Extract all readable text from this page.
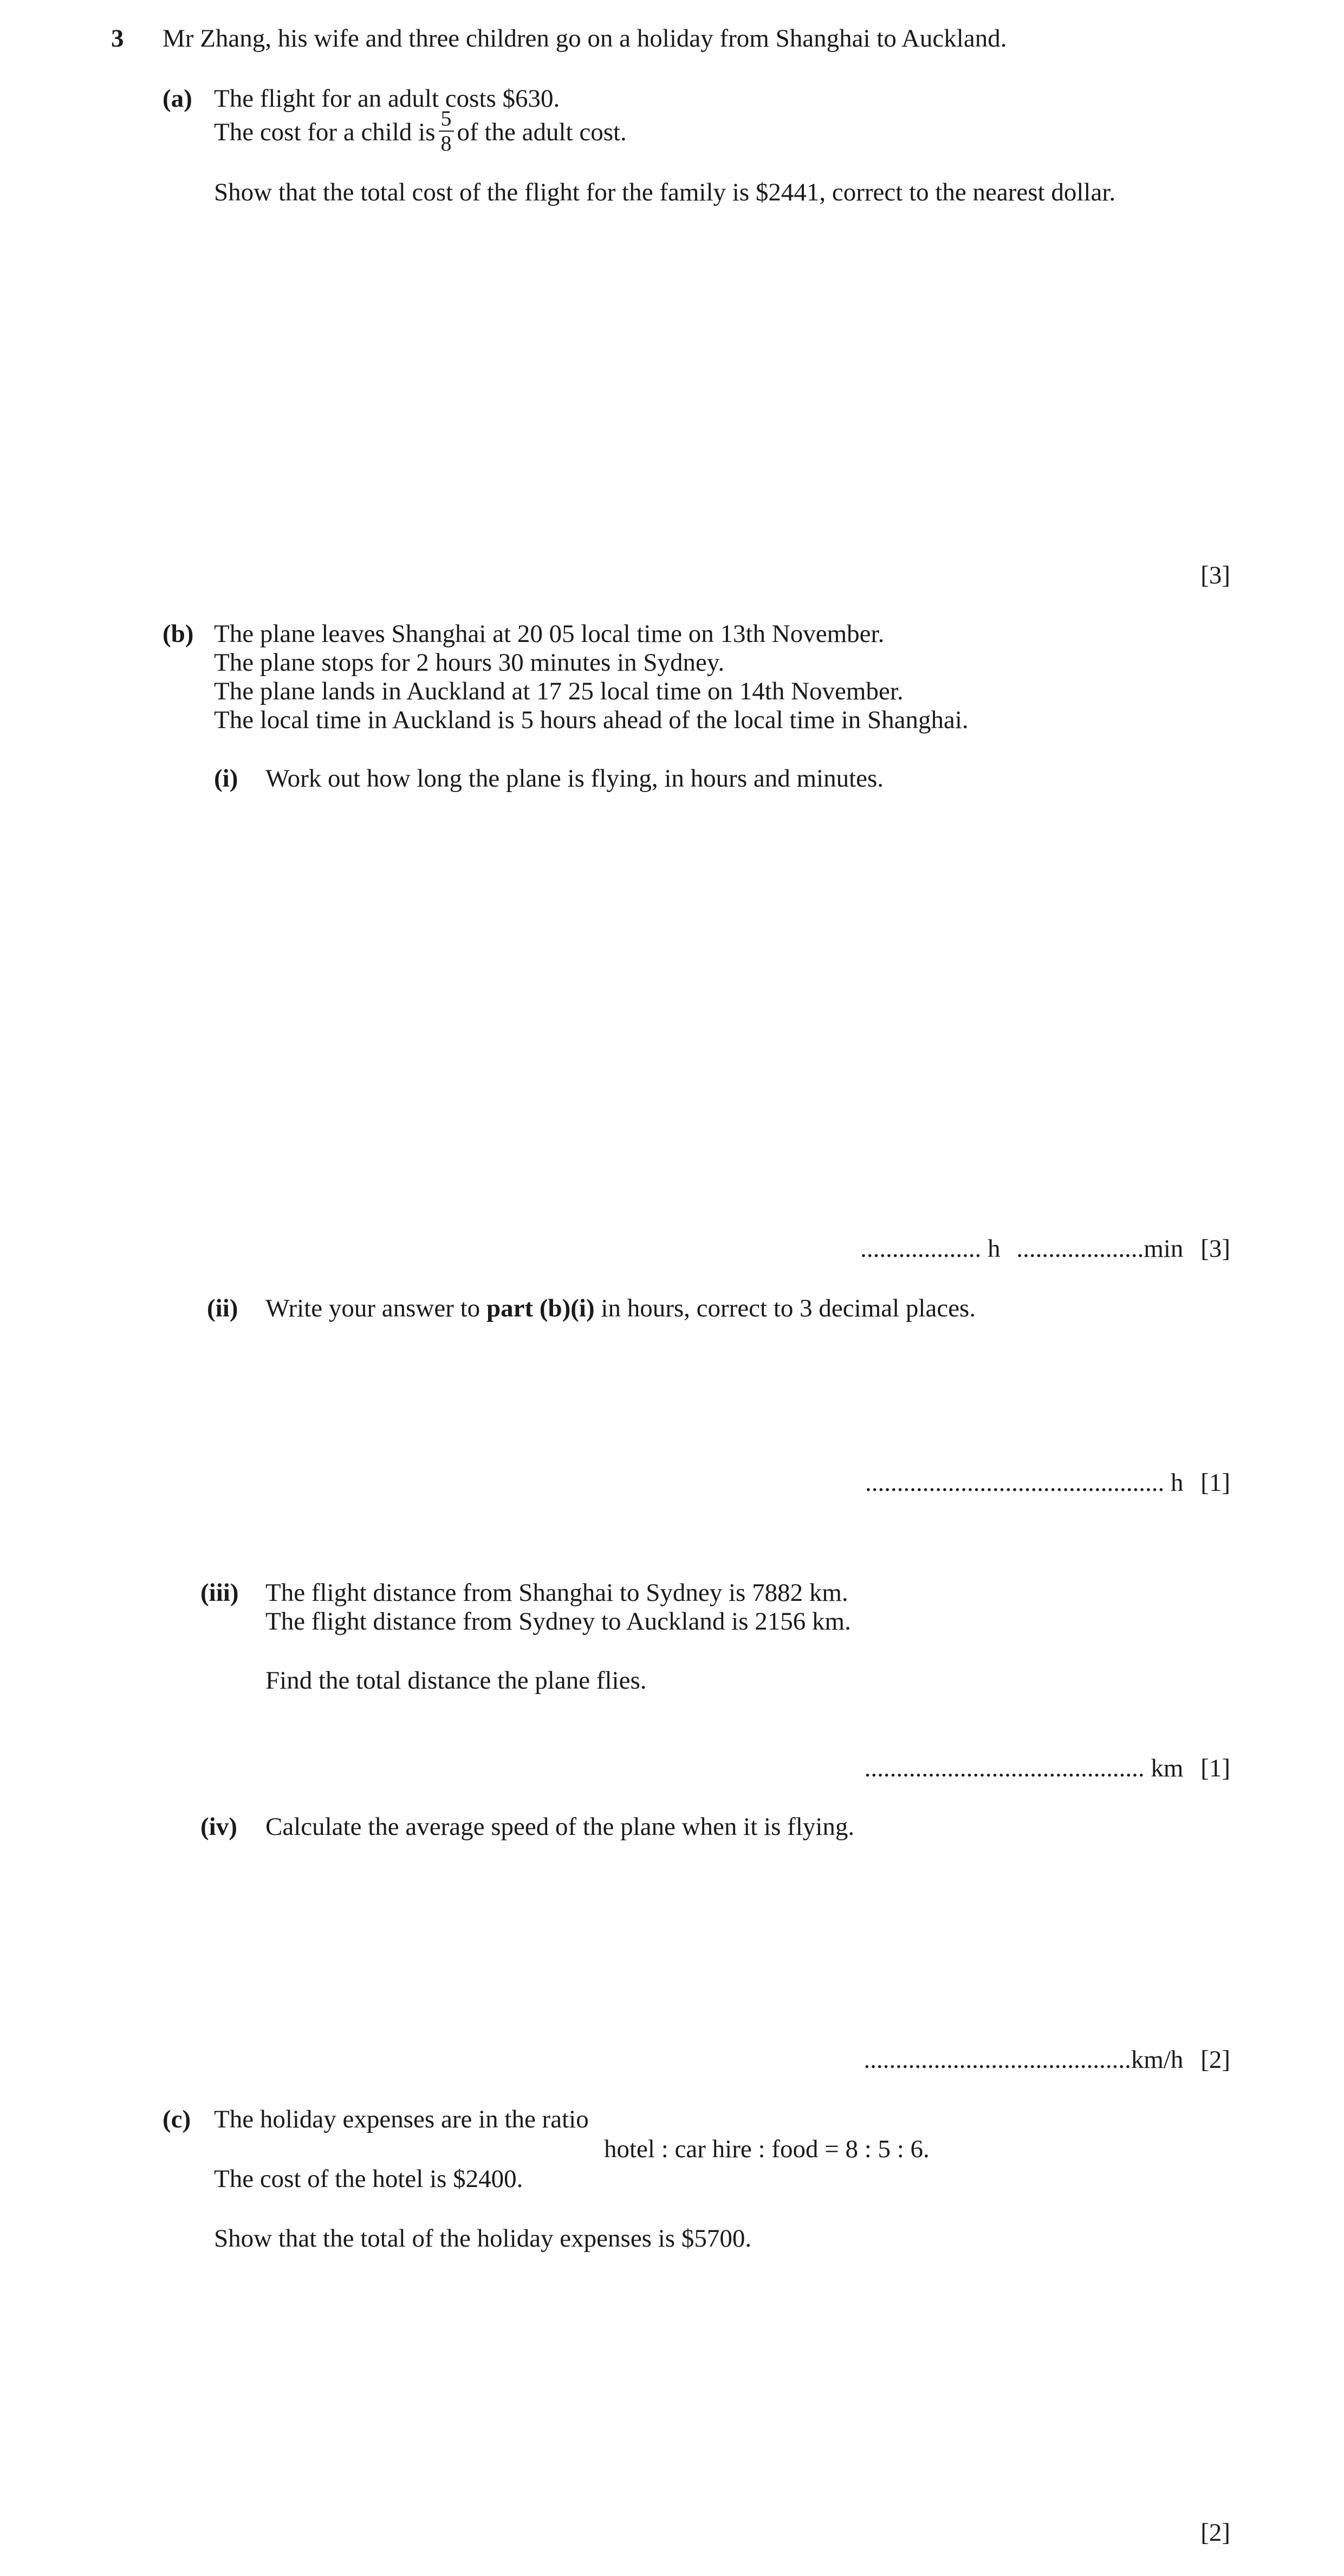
3 Mr Zhang, his wife and three children go on a holiday from Shanghai to Auckland.
(a) The flight for an adult costs $630.
The cost for a child is $\frac{5}{8}$ of the adult cost.
Show that the total cost of the flight for the family is $2441, correct to the nearest dollar.
[3]
(b) The plane leaves Shanghai at 20 05 local time on 13th November.
The plane stops for 2 hours 30 minutes in Sydney.
The plane lands in Auckland at 17 25 local time on 14th November.
The local time in Auckland is 5 hours ahead of the local time in Shanghai.
(i) Work out how long the plane is flying, in hours and minutes.
................... h ....................min [3]
(ii) Write your answer to part (b)(i) in hours, correct to 3 decimal places.
............................................... h [1]
(iii) The flight distance from Shanghai to Sydney is 7882 km.
The flight distance from Sydney to Auckland is 2156 km.
Find the total distance the plane flies.
............................................ km [1]
(iv) Calculate the average speed of the plane when it is flying.
..........................................km/h [2]
(c) The holiday expenses are in the ratio
hotel : car hire : food = 8 : 5 : 6.
The cost of the hotel is $2400.
Show that the total of the holiday expenses is $5700.
[2]
